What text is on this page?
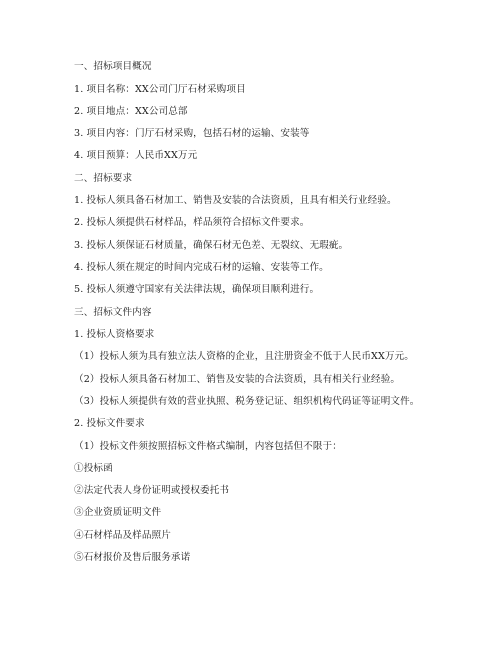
一、招标项目概况
1. 项目名称：XX公司门厅石材采购项目
2. 项目地点：XX公司总部
3. 项目内容：门厅石材采购，包括石材的运输、安装等
4. 项目预算：人民币XX万元
二、招标要求
1. 投标人须具备石材加工、销售及安装的合法资质，且具有相关行业经验。
2. 投标人须提供石材样品，样品须符合招标文件要求。
3. 投标人须保证石材质量，确保石材无色差、无裂纹、无瑕疵。
4. 投标人须在规定的时间内完成石材的运输、安装等工作。
5. 投标人须遵守国家有关法律法规，确保项目顺利进行。
三、招标文件内容
1. 投标人资格要求
（1）投标人须为具有独立法人资格的企业，且注册资金不低于人民币XX万元。
（2）投标人须具备石材加工、销售及安装的合法资质，具有相关行业经验。
（3）投标人须提供有效的营业执照、税务登记证、组织机构代码证等证明文件。
2. 投标文件要求
（1）投标文件须按照招标文件格式编制，内容包括但不限于：
①投标函
②法定代表人身份证明或授权委托书
③企业资质证明文件
④石材样品及样品照片
⑤石材报价及售后服务承诺
